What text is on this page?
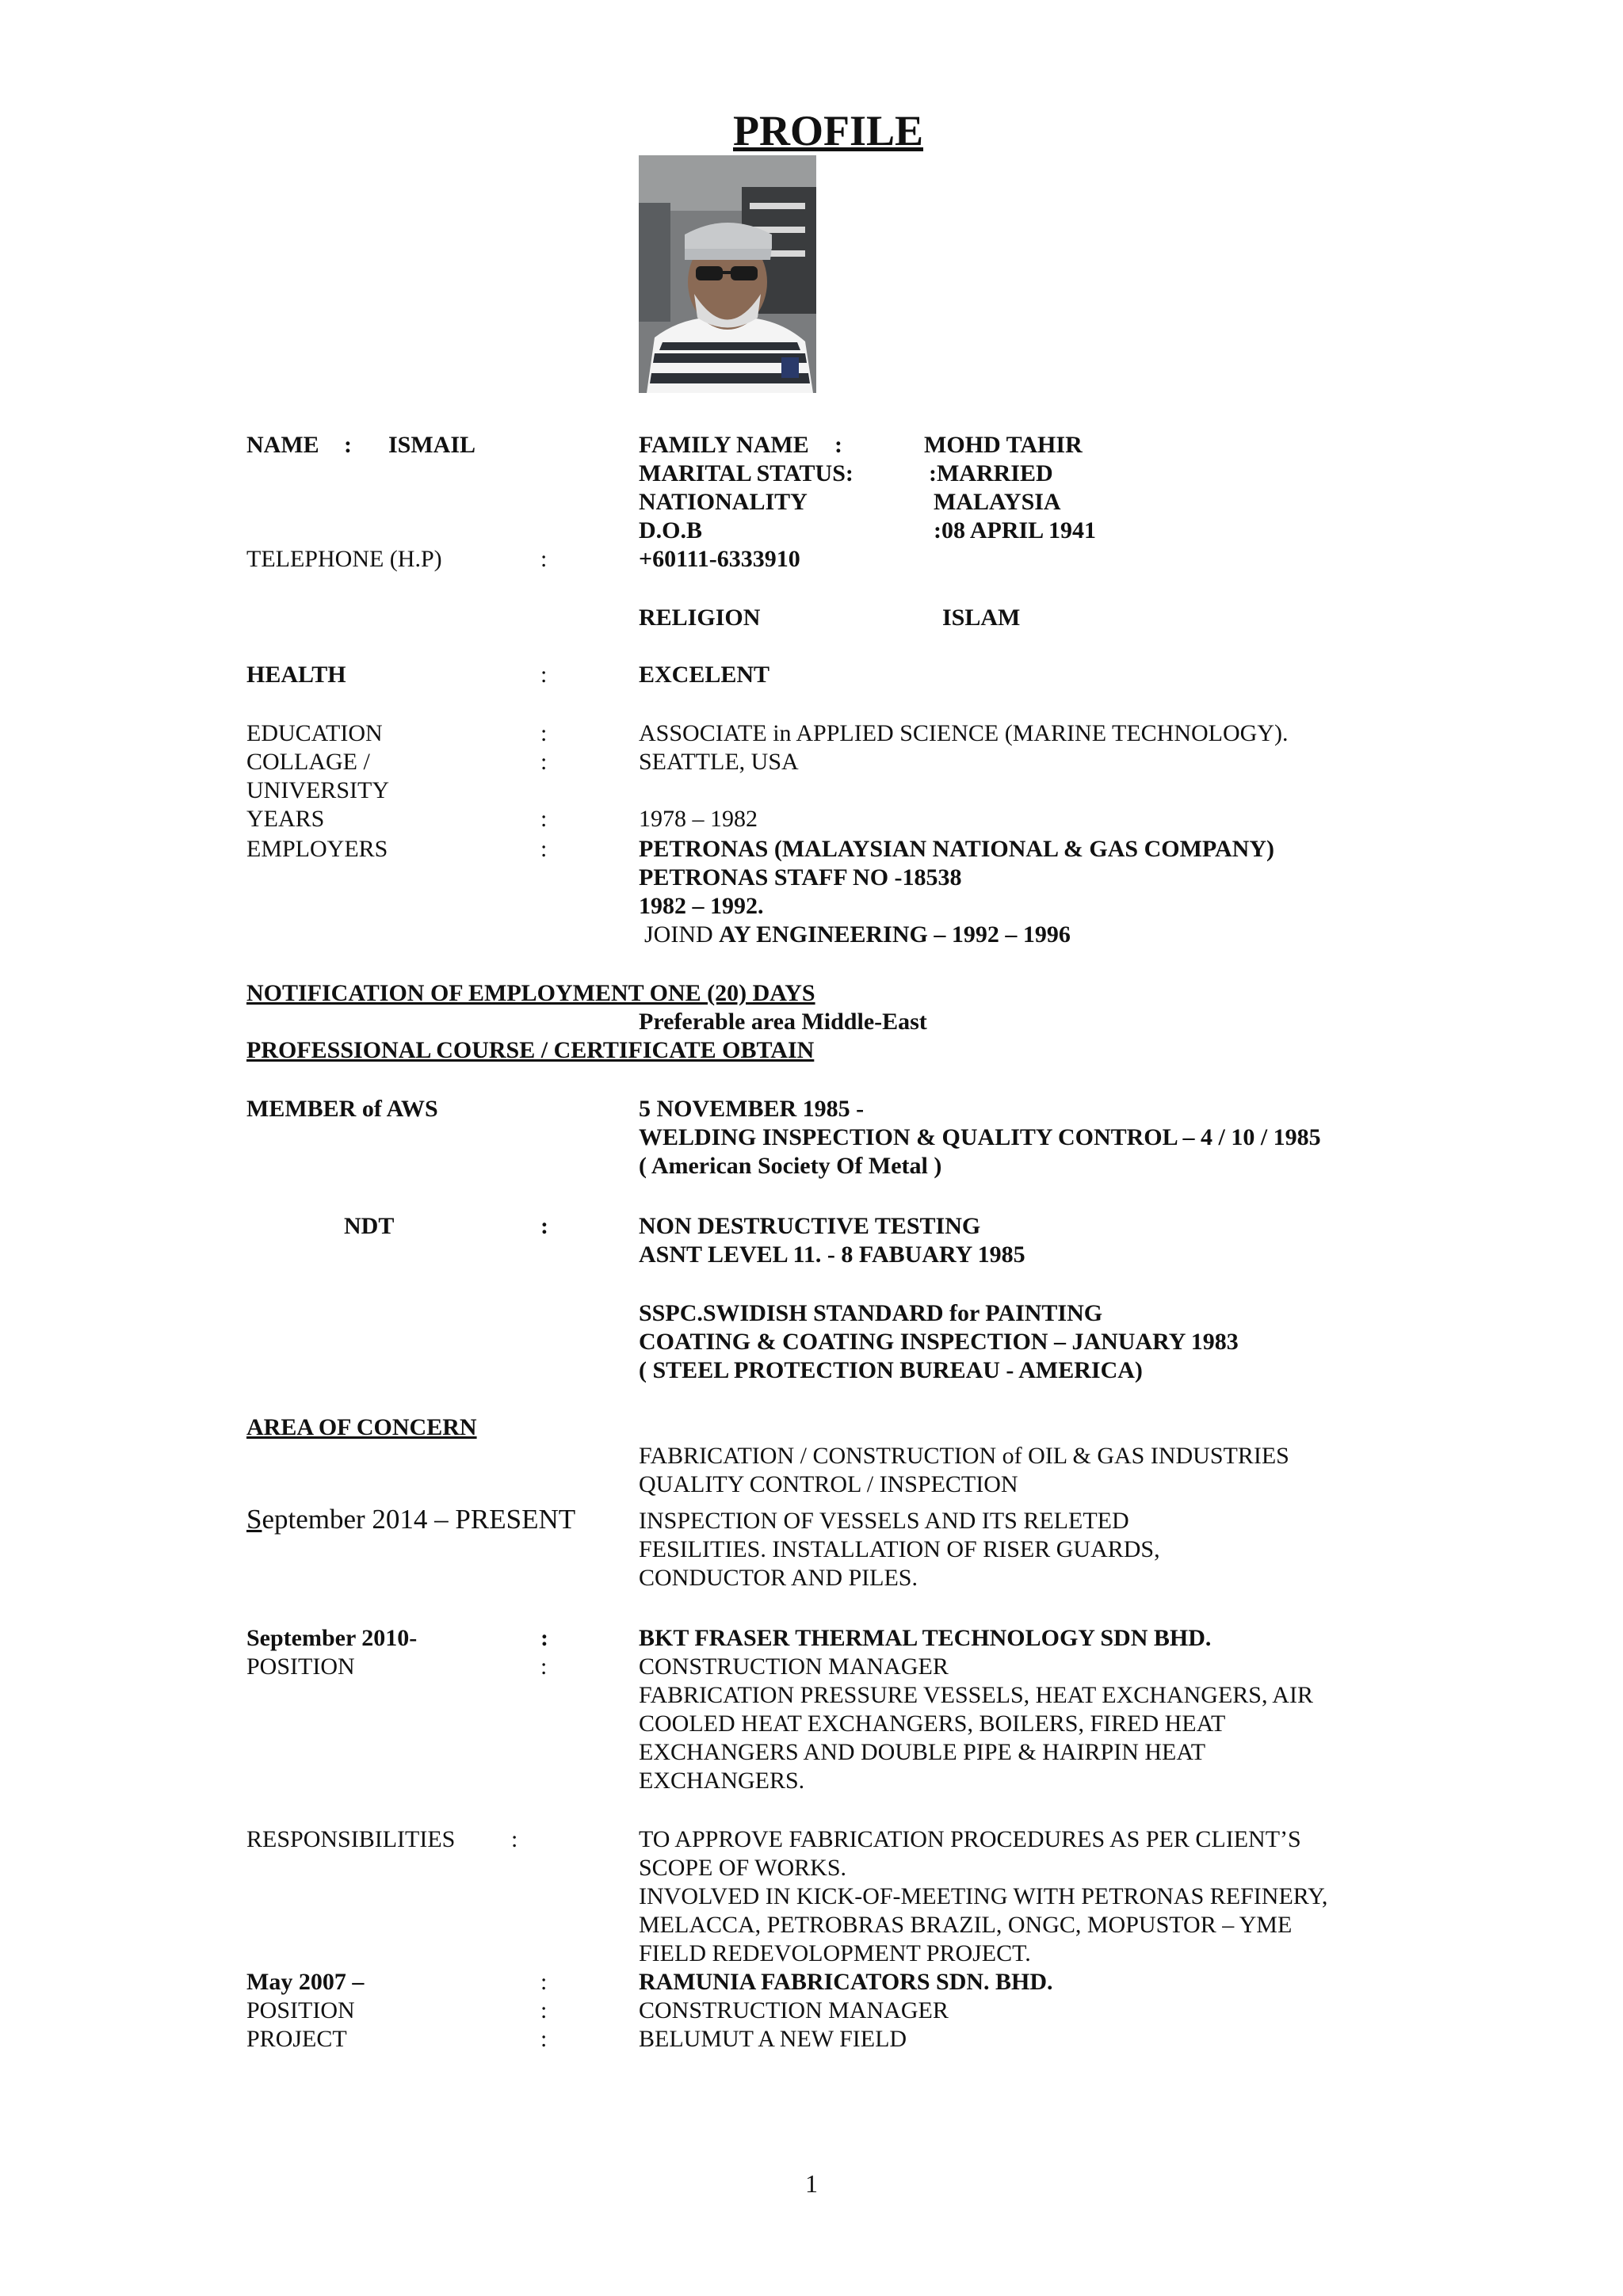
PROFILE
NAME : ISMAIL	FAMILY NAME :	MOHD TAHIR
MARITAL STATUS:	:MARRIED
NATIONALITY	MALAYSIA
D.O.B	:08 APRIL 1941
TELEPHONE (H.P)	:	+60111-6333910
RELIGION	ISLAM
HEALTH	:	EXCELENT
EDUCATION	:	ASSOCIATE in APPLIED SCIENCE (MARINE TECHNOLOGY).
COLLAGE /	:	SEATTLE, USA
UNIVERSITY
YEARS	:	1978 – 1982
EMPLOYERS	:	PETRONAS (MALAYSIAN NATIONAL & GAS COMPANY)
PETRONAS STAFF NO -18538
1982 – 1992.
JOIND AY ENGINEERING – 1992 – 1996
NOTIFICATION OF EMPLOYMENT ONE (20) DAYS
Preferable area Middle-East
PROFESSIONAL COURSE / CERTIFICATE OBTAIN
MEMBER of AWS	5 NOVEMBER 1985 -
WELDING INSPECTION & QUALITY CONTROL – 4 / 10 / 1985
( American Society Of Metal )
NDT	:	NON DESTRUCTIVE TESTING
ASNT LEVEL 11. - 8 FABUARY 1985
SSPC.SWIDISH STANDARD for PAINTING
COATING & COATING INSPECTION – JANUARY 1983
( STEEL PROTECTION BUREAU - AMERICA)
AREA OF CONCERN
FABRICATION / CONSTRUCTION of OIL & GAS INDUSTRIES
QUALITY CONTROL / INSPECTION
September 2014 – PRESENT	INSPECTION OF VESSELS AND ITS RELETED
FESILITIES. INSTALLATION OF RISER GUARDS,
CONDUCTOR AND PILES.
September 2010-	:	BKT FRASER THERMAL TECHNOLOGY SDN BHD.
POSITION	:	CONSTRUCTION MANAGER
FABRICATION PRESSURE VESSELS, HEAT EXCHANGERS, AIR
COOLED HEAT EXCHANGERS, BOILERS, FIRED HEAT
EXCHANGERS AND DOUBLE PIPE & HAIRPIN HEAT
EXCHANGERS.
RESPONSIBILITIES :	TO APPROVE FABRICATION PROCEDURES AS PER CLIENT’S
SCOPE OF WORKS.
INVOLVED IN KICK-OF-MEETING WITH PETRONAS REFINERY,
MELACCA, PETROBRAS BRAZIL, ONGC, MOPUSTOR – YME
FIELD REDEVOLOPMENT PROJECT.
May 2007 –	:	RAMUNIA FABRICATORS SDN. BHD.
POSITION	:	CONSTRUCTION MANAGER
PROJECT	:	BELUMUT A NEW FIELD
1
